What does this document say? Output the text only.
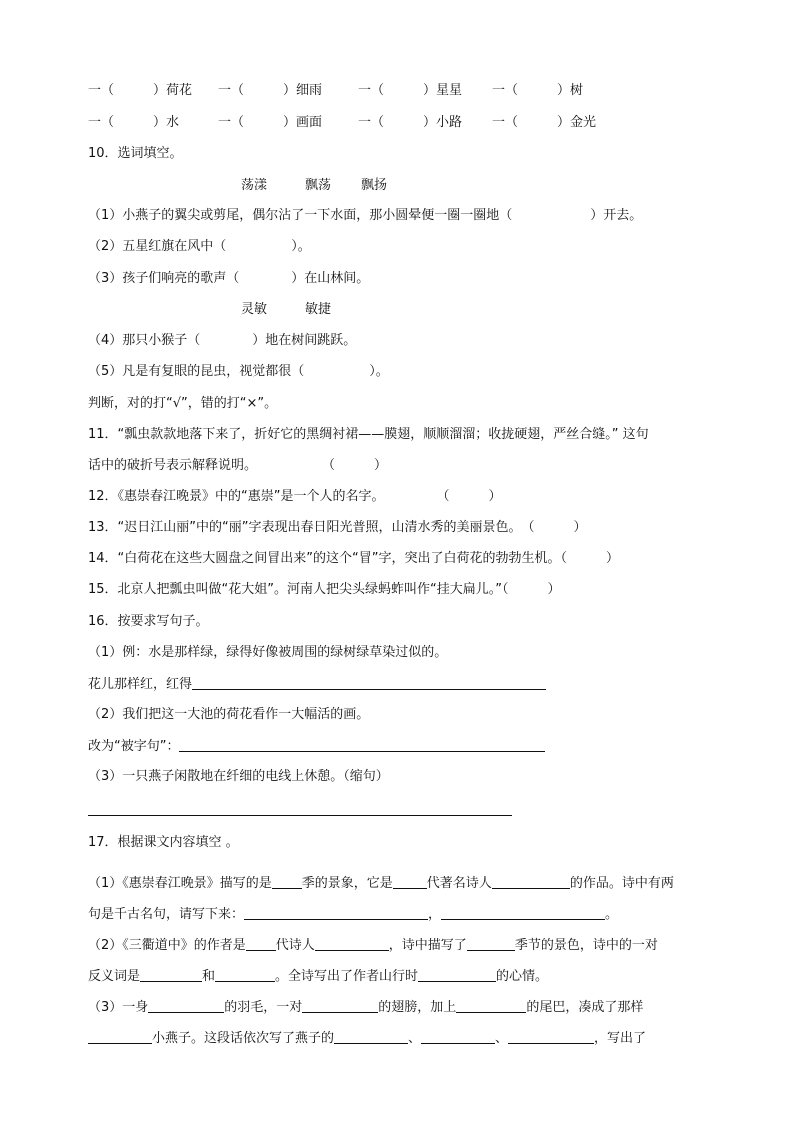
一（　　　）荷花 一（　　　）细雨	一（　　　）星星 一（　　　）树
一（　　　）水	一（　　　）画面	一（　　　）小路 一（　　　）金光
10．选词填空。
荡漾	飘荡 飘扬
（1）小燕子的翼尖或剪尾，偶尔沾了一下水面，那小圆晕便一圈一圈地（　　　　　　）开去。
（2）五星红旗在风中（　　　　　）。
（3）孩子们响亮的歌声（　　　　）在山林间。
灵敏	敏捷
（4）那只小猴子（　　　　）地在树间跳跃。
（5）凡是有复眼的昆虫，视觉都很（　　　　　）。
判断，对的打“√”，错的打“×”。
11．“瓢虫款款地落下来了，折好它的黑绸衬裙——膜翅，顺顺溜溜；收拢硬翅，严丝合缝。” 这句
话中的破折号表示解释说明。　　　　　　（　　　）
12．《惠崇春江晚景》中的“惠崇”是一个人的名字。　　　　　（　　　）
13．“迟日江山丽”中的“丽”字表现出春日阳光普照，山清水秀的美丽景色。　（　　　）
14．“白荷花在这些大圆盘之间冒出来”的这个“冒”字，突出了白荷花的勃勃生机。（　　　）
15．北京人把瓢虫叫做“花大姐”。河南人把尖头绿蚂蚱叫作“挂大扁儿。”（　　　）
16．按要求写句子。
（1）例：水是那样绿，绿得好像被周围的绿树绿草染过似的。
花儿那样红，红得
（2）我们把这一大池的荷花看作一大幅活的画。
改为“被字句”：
（3）一只燕子闲散地在纤细的电线上休憩。（缩句）
17．根据课文内容填空 。
（1）《惠崇春江晚景》描写的是 季的景象，它是	代著名诗人	的作品。诗中有两
句是千古名句，请写下来：	，	。
（2）《三衢道中》的作者是 代诗人	，诗中描写了	季节的景色，诗中的一对
反义词是	和	。全诗写出了作者山行时	的心情。
（3）一身	的羽毛，一对	的翅膀，加上	的尾巴，凑成了那样
小燕子。这段话依次写了燕子的	、	、	，写出了
